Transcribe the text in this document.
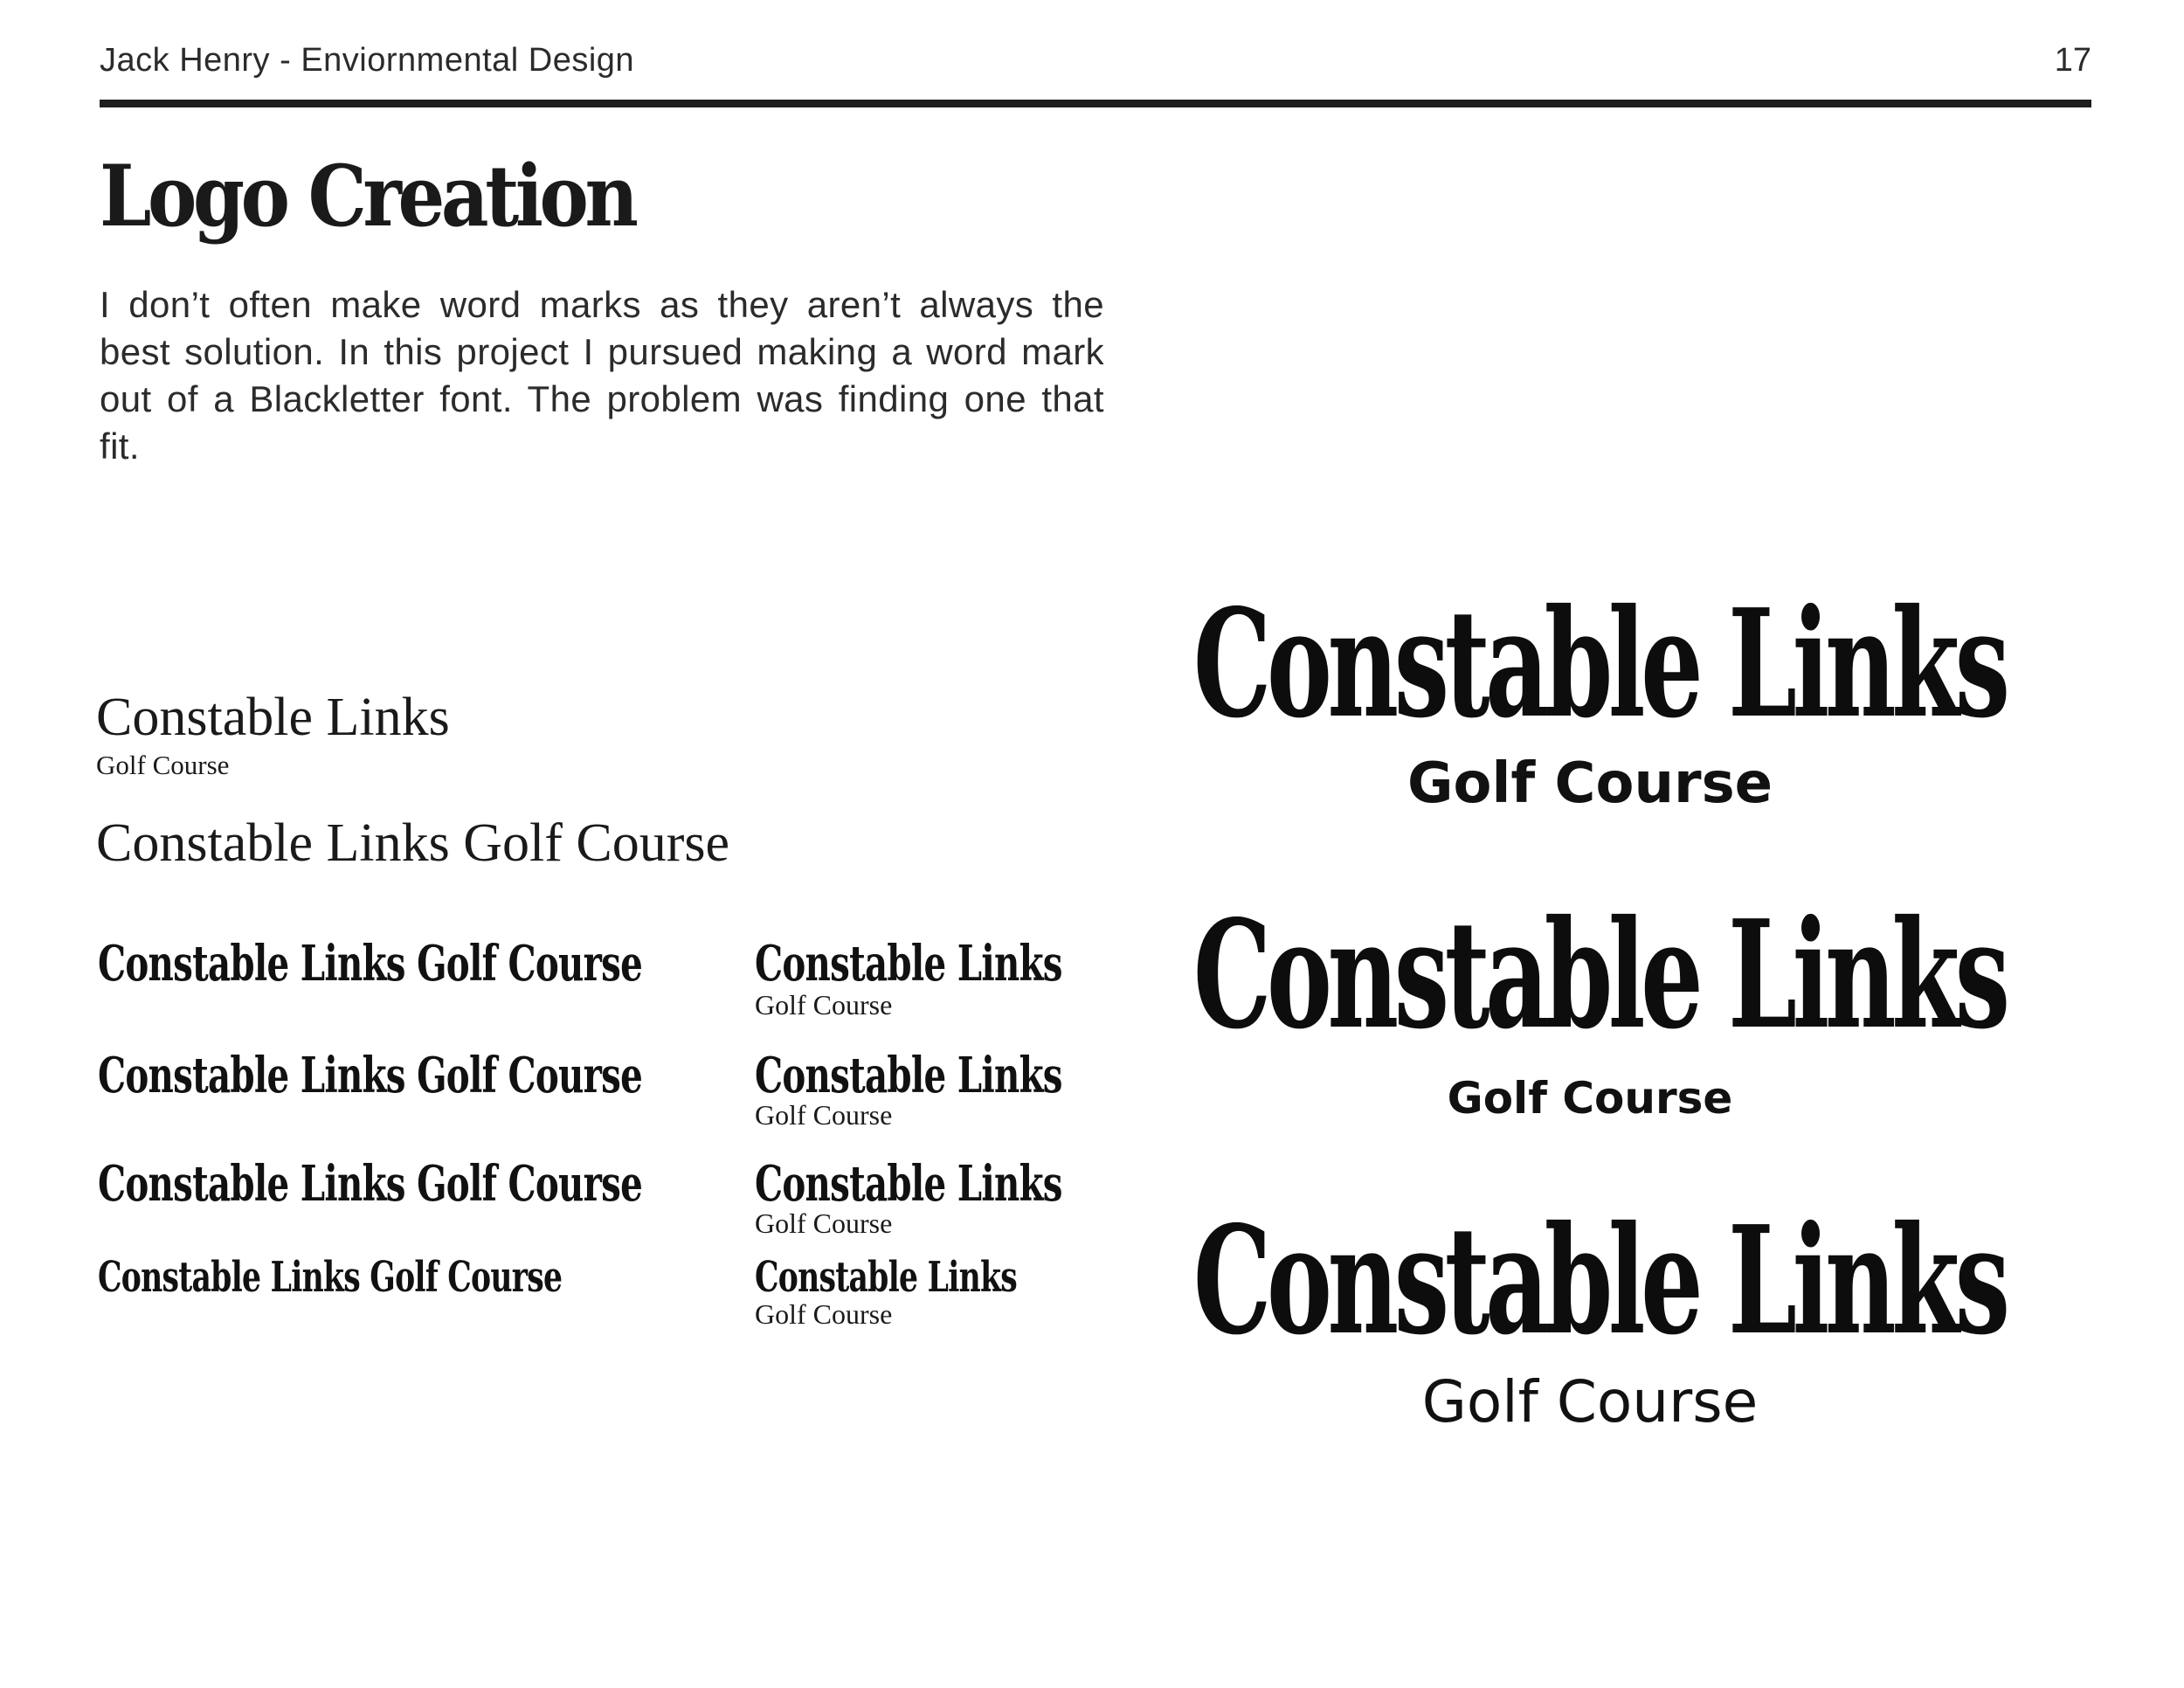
Jack Henry - Enviornmental Design	17
Logo Creation
I don’t often make word marks as they aren’t always the best solution. In this project I pursued making a word mark out of a Blackletter font. The problem was finding one that fit.
Constable Links
Golf Course
Constable Links Golf Course
Constable Links Golf Course
Constable Links Golf Course
Constable Links Golf Course
Constable Links Golf Course
Constable Links
Golf Course
Constable Links
Golf Course
Constable Links
Golf Course
Constable Links
Golf Course
Constable Links
Golf Course
Constable Links
Golf Course
Constable Links
Golf Course
